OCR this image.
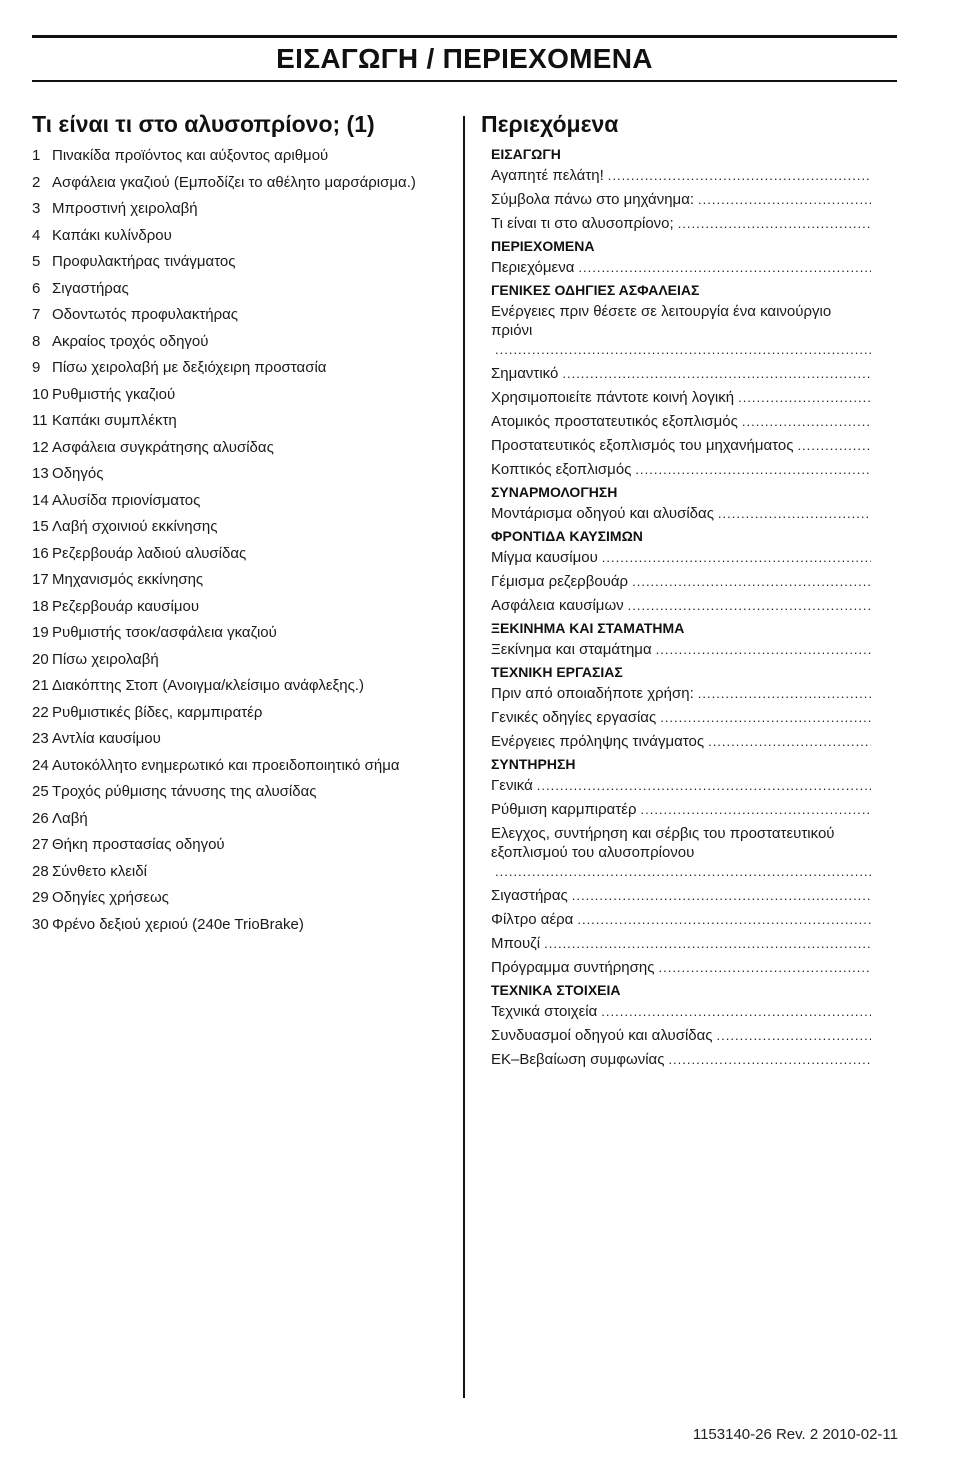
ΕΙΣΑΓΩΓΗ / ΠΕΡΙΕΧΟΜΕΝΑ
Τι είναι τι στο αλυσοπρίονο; (1)
1 Πινακίδα προϊόντος και αύξοντος αριθμού
2 Ασφάλεια γκαζιού (Εμποδίζει το αθέλητο μαρσάρισμα.)
3 Μπροστινή χειρολαβή
4 Καπάκι κυλίνδρου
5 Προφυλακτήρας τινάγματος
6 Σιγαστήρας
7 Οδοντωτός προφυλακτήρας
8 Ακραίος τροχός οδηγού
9 Πίσω χειρολαβή με δεξιόχειρη προστασία
10 Ρυθμιστής γκαζιού
11 Καπάκι συμπλέκτη
12 Ασφάλεια συγκράτησης αλυσίδας
13 Οδηγός
14 Αλυσίδα πριονίσματος
15 Λαβή σχοινιού εκκίνησης
16 Ρεζερβουάρ λαδιού αλυσίδας
17 Μηχανισμός εκκίνησης
18 Ρεζερβουάρ καυσίμου
19 Ρυθμιστής τσοκ/ασφάλεια γκαζιού
20 Πίσω χειρολαβή
21 Διακόπτης Στοπ (Ανοιγμα/κλείσιμο ανάφλεξης.)
22 Ρυθμιστικές βίδες, καρμπιρατέρ
23 Αντλία καυσίμου
24 Αυτοκόλλητο ενημερωτικό και προειδοποιητικό σήμα
25 Τροχός ρύθμισης τάνυσης της αλυσίδας
26 Λαβή
27 Θήκη προστασίας οδηγού
28 Σύνθετο κλειδί
29 Οδηγίες χρήσεως
30 Φρένο δεξιού χεριού (240e TrioBrake)
Περιεχόμενα
ΕΙΣΑΓΩΓΗ
Αγαπητέ πελάτη!
.....
Σύμβολα πάνω στο μηχάνημα:
.....
Τι είναι τι στο αλυσοπρίονο;
.....
ΠΕΡΙΕΧΟΜΕΝΑ
Περιεχόμενα
.....
ΓΕΝΙΚΕΣ ΟΔΗΓΙΕΣ ΑΣΦΑΛΕΙΑΣ
Ενέργειες πριν θέσετε σε λειτουργία ένα καινούργιο πριόνι
.....
Σημαντικό
.....
Χρησιμοποιείτε πάντοτε κοινή λογική
.....
Ατομικός προστατευτικός εξοπλισμός
.....
Προστατευτικός εξοπλισμός του μηχανήματος
.....
Κοπτικός εξοπλισμός
.....
ΣΥΝΑΡΜΟΛΟΓΗΣΗ
Μοντάρισμα οδηγού και αλυσίδας
.....
ΦΡΟΝΤΙΔΑ ΚΑΥΣΙΜΩΝ
Μίγμα καυσίμου
.....
Γέμισμα ρεζερβουάρ
.....
Ασφάλεια καυσίμων
.....
ΞΕΚΙΝΗΜΑ ΚΑΙ ΣΤΑΜΑΤΗΜΑ
Ξεκίνημα και σταμάτημα
.....
ΤΕΧΝΙΚΗ ΕΡΓΑΣΙΑΣ
Πριν από οποιαδήποτε χρήση:
.....
Γενικές οδηγίες εργασίας
.....
Ενέργειες πρόληψης τινάγματος
.....
ΣΥΝΤΗΡΗΣΗ
Γενικά
.....
Ρύθμιση καρμπιρατέρ
.....
Ελεγχος, συντήρηση και σέρβις του προστατευτικού εξοπλισμού του αλυσοπρίονου
.....
Σιγαστήρας
.....
Φίλτρο αέρα
.....
Μπουζί
.....
Πρόγραμμα συντήρησης
.....
ΤΕΧΝΙΚΑ ΣΤΟΙΧΕΙΑ
Τεχνικά στοιχεία
.....
Συνδυασμοί οδηγού και αλυσίδας
.....
ΕΚ–Βεβαίωση συμφωνίας
.....
1153140-26 Rev. 2 2010-02-11
